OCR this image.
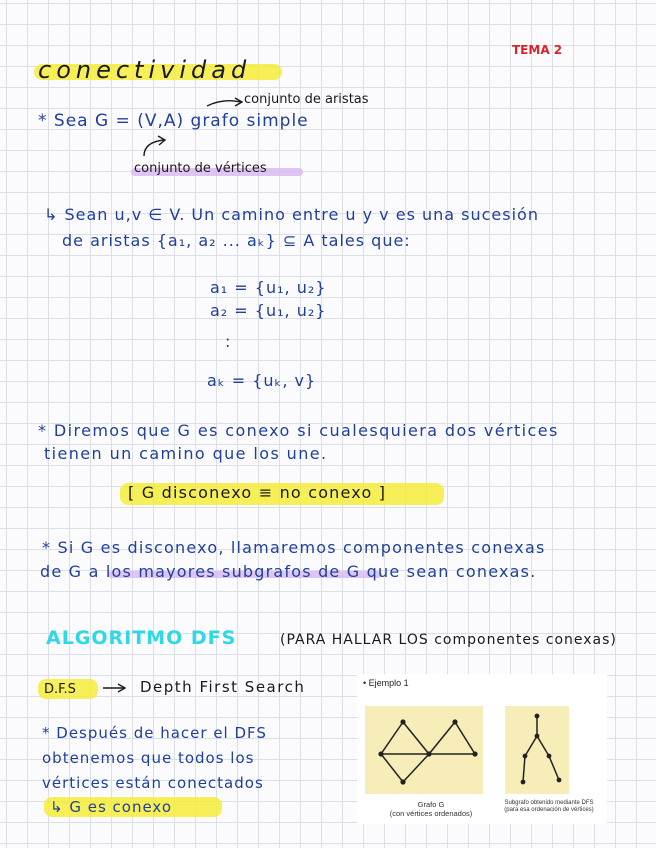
TEMA 2
conectividad
conjunto de aristas
* Sea G = (V,A) grafo simple
conjunto de vértices
↳ Sean u,v ∈ V. Un camino entre u y v es una sucesión
de aristas {a₁, a₂ ... aₖ} ⊆ A tales que:
a₁ = {u₁, u₂}
a₂ = {u₁, u₂}
:
aₖ = {uₖ, v}
* Diremos que G es conexo si cualesquiera dos vértices
tienen un camino que los une.
[ G disconexo ≡ no conexo ]
* Si G es disconexo, llamaremos componentes conexas
de G a los mayores subgrafos de G que sean conexas.
ALGORITMO DFS	(PARA HALLAR LOS componentes conexas)
D.F.S	Depth First Search
* Después de hacer el DFS
obtenemos que todos los
vértices están conectados
↳ G es conexo
• Ejemplo 1
Grafo G
(con vértices ordenados)
Subgrafo obtenido mediante DFS
(para esa ordenación de vértices)
